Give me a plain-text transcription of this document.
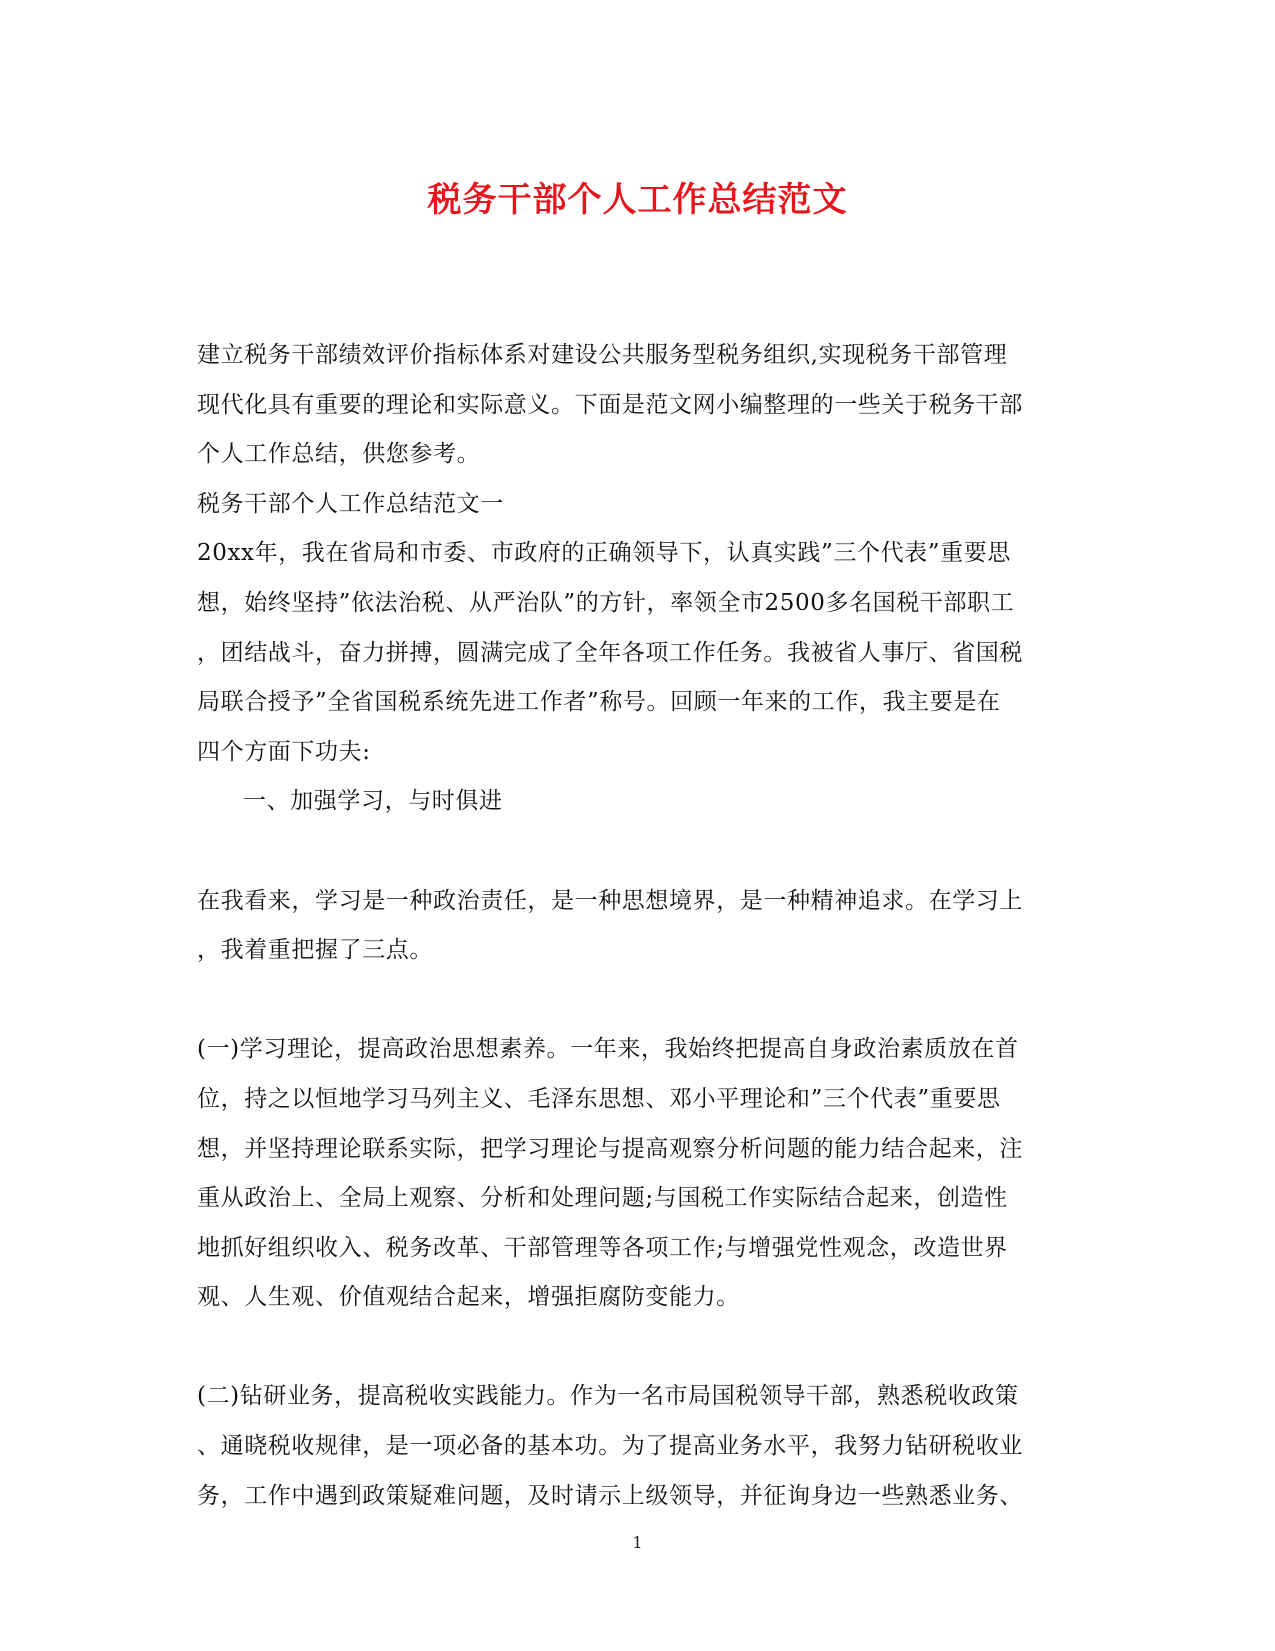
税务干部个人工作总结范文
建立税务干部绩效评价指标体系对建设公共服务型税务组织,实现税务干部管理
现代化具有重要的理论和实际意义。下面是范文网小编整理的一些关于税务干部
个人工作总结，供您参考。
税务干部个人工作总结范文一
20xx年，我在省局和市委、市政府的正确领导下，认真实践”三个代表”重要思
想，始终坚持”依法治税、从严治队”的方针，率领全市2500多名国税干部职工
，团结战斗，奋力拼搏，圆满完成了全年各项工作任务。我被省人事厅、省国税
局联合授予”全省国税系统先进工作者”称号。回顾一年来的工作，我主要是在
四个方面下功夫:
一、加强学习，与时俱进
在我看来，学习是一种政治责任，是一种思想境界，是一种精神追求。在学习上
，我着重把握了三点。
(一)学习理论，提高政治思想素养。一年来，我始终把提高自身政治素质放在首
位，持之以恒地学习马列主义、毛泽东思想、邓小平理论和”三个代表”重要思
想，并坚持理论联系实际，把学习理论与提高观察分析问题的能力结合起来，注
重从政治上、全局上观察、分析和处理问题;与国税工作实际结合起来，创造性
地抓好组织收入、税务改革、干部管理等各项工作;与增强党性观念，改造世界
观、人生观、价值观结合起来，增强拒腐防变能力。
(二)钻研业务，提高税收实践能力。作为一名市局国税领导干部，熟悉税收政策
、通晓税收规律，是一项必备的基本功。为了提高业务水平，我努力钻研税收业
务，工作中遇到政策疑难问题，及时请示上级领导，并征询身边一些熟悉业务、
1
